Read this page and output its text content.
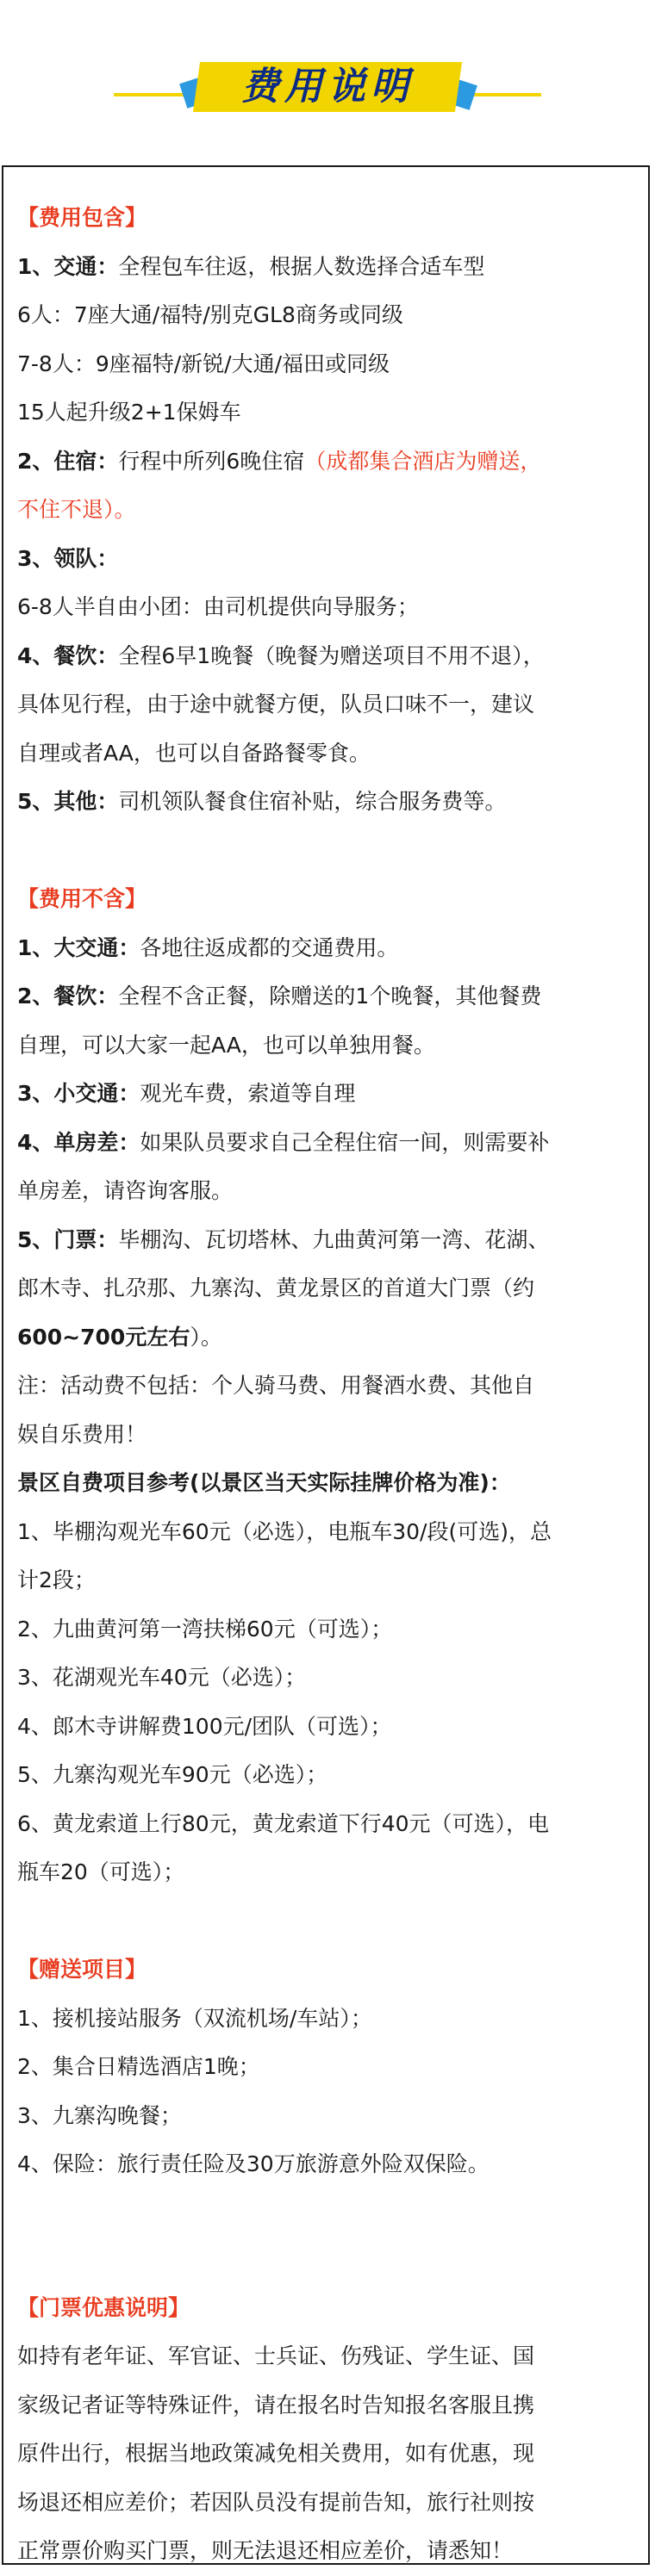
费用说明

【费用包含】

1、交通：全程包车往返，根据人数选择合适车型

6人：7座大通/福特/别克GL8商务或同级

7-8人：9座福特/新锐/大通/福田或同级

15人起升级2+1保姆车

2、住宿：行程中所列6晚住宿（成都集合酒店为赠送，

不住不退）。

3、领队：

6-8人半自由小团：由司机提供向导服务；

4、餐饮：全程6早1晚餐（晚餐为赠送项目不用不退），

具体见行程，由于途中就餐方便，队员口味不一，建议

自理或者AA，也可以自备路餐零食。

5、其他：司机领队餐食住宿补贴，综合服务费等。

【费用不含】

1、大交通：各地往返成都的交通费用。

2、餐饮：全程不含正餐，除赠送的1个晚餐，其他餐费

自理，可以大家一起AA，也可以单独用餐。

3、小交通：观光车费，索道等自理

4、单房差：如果队员要求自己全程住宿一间，则需要补

单房差，请咨询客服。

5、门票：毕棚沟、瓦切塔林、九曲黄河第一湾、花湖、

郎木寺、扎尕那、九寨沟、黄龙景区的首道大门票（约

600~700元左右）。

注：活动费不包括：个人骑马费、用餐酒水费、其他自

娱自乐费用！

景区自费项目参考(以景区当天实际挂牌价格为准)：

1、毕棚沟观光车60元（必选），电瓶车30/段(可选)，总

计2段；

2、九曲黄河第一湾扶梯60元（可选）；

3、花湖观光车40元（必选）；

4、郎木寺讲解费100元/团队（可选）；

5、九寨沟观光车90元（必选）；

6、黄龙索道上行80元，黄龙索道下行40元（可选），电

瓶车20（可选）；

【赠送项目】

1、接机接站服务（双流机场/车站）；

2、集合日精选酒店1晚；

3、九寨沟晚餐；

4、保险：旅行责任险及30万旅游意外险双保险。

【门票优惠说明】

如持有老年证、军官证、士兵证、伤残证、学生证、国

家级记者证等特殊证件，请在报名时告知报名客服且携

原件出行，根据当地政策减免相关费用，如有优惠，现

场退还相应差价；若因队员没有提前告知，旅行社则按

正常票价购买门票，则无法退还相应差价，请悉知！
